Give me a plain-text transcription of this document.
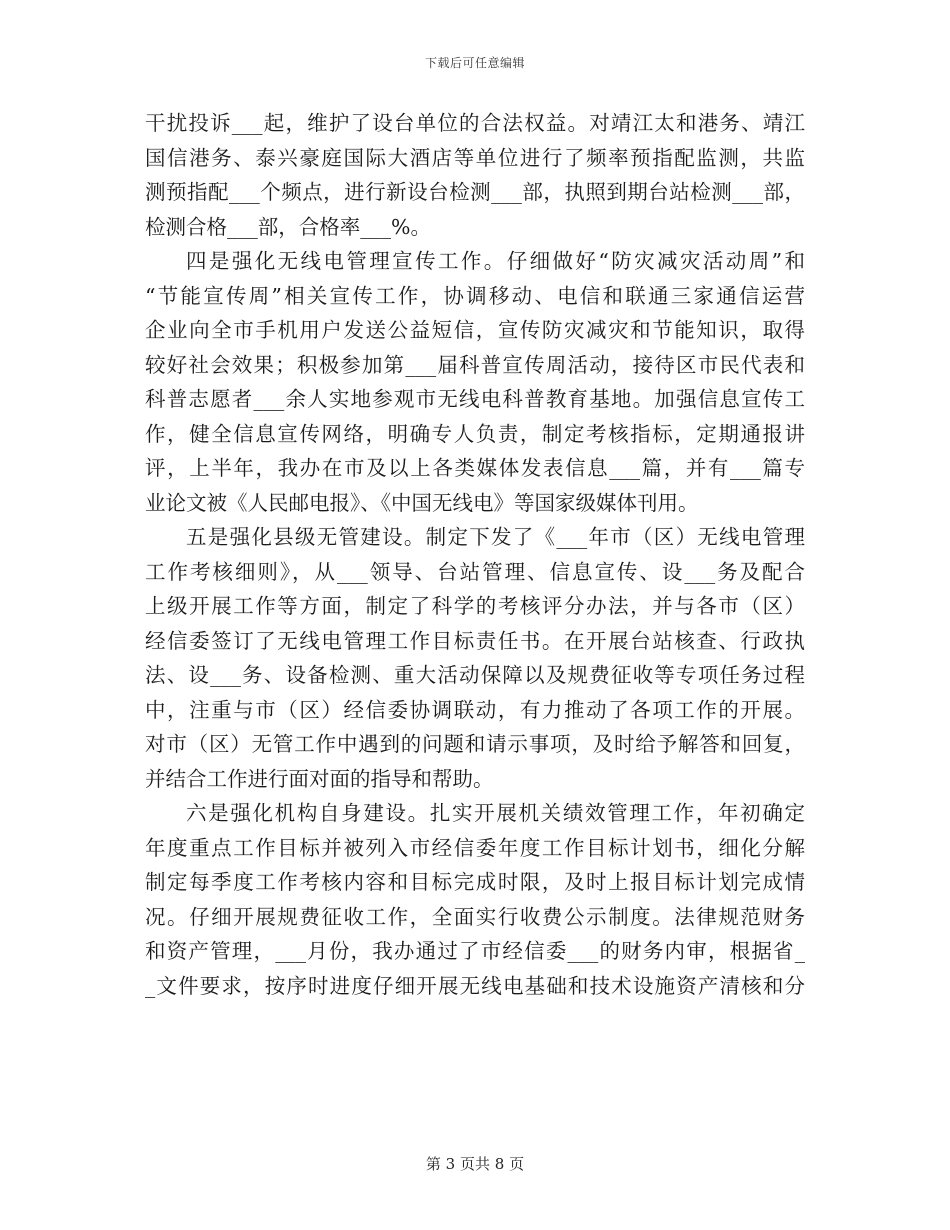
下载后可任意编辑
干扰投诉___起，维护了设台单位的合法权益。对靖江太和港务、靖江
国信港务、泰兴豪庭国际大酒店等单位进行了频率预指配监测，共监
测预指配___个频点，进行新设台检测___部，执照到期台站检测___部，
检测合格___部，合格率___%。
四是强化无线电管理宣传工作。仔细做好“防灾减灾活动周”和
“节能宣传周”相关宣传工作，协调移动、电信和联通三家通信运营
企业向全市手机用户发送公益短信，宣传防灾减灾和节能知识，取得
较好社会效果；积极参加第___届科普宣传周活动，接待区市民代表和
科普志愿者___余人实地参观市无线电科普教育基地。加强信息宣传工
作，健全信息宣传网络，明确专人负责，制定考核指标，定期通报讲
评，上半年，我办在市及以上各类媒体发表信息___篇，并有___篇专
业论文被《人民邮电报》、《中国无线电》等国家级媒体刊用。
五是强化县级无管建设。制定下发了《___年市（区）无线电管理
工作考核细则》，从___领导、台站管理、信息宣传、设___务及配合
上级开展工作等方面，制定了科学的考核评分办法，并与各市（区）
经信委签订了无线电管理工作目标责任书。在开展台站核查、行政执
法、设___务、设备检测、重大活动保障以及规费征收等专项任务过程
中，注重与市（区）经信委协调联动，有力推动了各项工作的开展。
对市（区）无管工作中遇到的问题和请示事项，及时给予解答和回复，
并结合工作进行面对面的指导和帮助。
六是强化机构自身建设。扎实开展机关绩效管理工作，年初确定
年度重点工作目标并被列入市经信委年度工作目标计划书，细化分解
制定每季度工作考核内容和目标完成时限，及时上报目标计划完成情
况。仔细开展规费征收工作，全面实行收费公示制度。法律规范财务
和资产管理，___月份，我办通过了市经信委___的财务内审，根据省_
_文件要求，按序时进度仔细开展无线电基础和技术设施资产清核和分
第 3 页共 8 页
